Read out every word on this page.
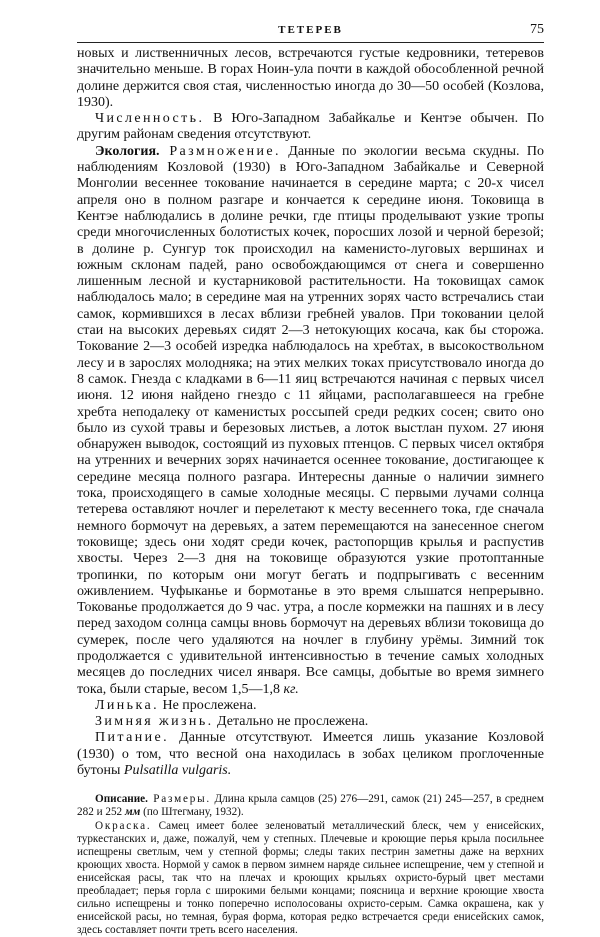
ТЕТЕРЕВ	75

новых и лиственничных лесов, встречаются густые кедровники, тетеревов значительно меньше. В горах Ноин-ула почти в каждой обособленной речной долине держится своя стая, численностью иногда до 30—50 особей (Козлова, 1930).

Численность. В Юго-Западном Забайкалье и Кентэе обычен. По другим районам сведения отсутствуют.

Экология. Размножение. Данные по экологии весьма скудны. По наблюдениям Козловой (1930) в Юго-Западном Забайкалье и Северной Монголии весеннее токование начинается в середине марта; с 20-х чисел апреля оно в полном разгаре и кончается к середине июня. Токовища в Кентэе наблюдались в долине речки, где птицы проделывают узкие тропы среди многочисленных болотистых кочек, поросших лозой и черной березой; в долине р. Сунгур ток происходил на каменисто-луговых вершинах и южным склонам падей, рано освобождающимся от снега и совершенно лишенным лесной и кустарниковой растительности. На токовищах самок наблюдалось мало; в середине мая на утренних зорях часто встречались стаи самок, кормившихся в лесах вблизи гребней увалов. При токовании целой стаи на высоких деревьях сидят 2—3 нетокующих косача, как бы сторожа. Токование 2—3 особей изредка наблюдалось на хребтах, в высокоствольном лесу и в зарослях молодняка; на этих мелких токах присутствовало иногда до 8 самок. Гнезда с кладками в 6—11 яиц встречаются начиная с первых чисел июня. 12 июня найдено гнездо с 11 яйцами, располагавшееся на гребне хребта неподалеку от каменистых россыпей среди редких сосен; свито оно было из сухой травы и березовых листьев, а лоток выстлан пухом. 27 июня обнаружен выводок, состоящий из пуховых птенцов. С первых чисел октября на утренних и вечерних зорях начинается осеннее токование, достигающее к середине месяца полного разгара. Интересны данные о наличии зимнего тока, происходящего в самые холодные месяцы. С первыми лучами солнца тетерева оставляют ночлег и перелетают к месту весеннего тока, где сначала немного бормочут на деревьях, а затем перемещаются на занесенное снегом токовище; здесь они ходят среди кочек, растопорщив крылья и распустив хвосты. Через 2—3 дня на токовище образуются узкие протоптанные тропинки, по которым они могут бегать и подпрыгивать с весенним оживлением. Чуфыканье и бормотанье в это время слышатся непрерывно. Токованье продолжается до 9 час. утра, а после кормежки на пашнях и в лесу перед заходом солнца самцы вновь бормочут на деревьях вблизи токовища до сумерек, после чего удаляются на ночлег в глубину урёмы. Зимний ток продолжается с удивительной интенсивностью в течение самых холодных месяцев до последних чисел января. Все самцы, добытые во время зимнего тока, были старые, весом 1,5—1,8 кг.

Линька. Не прослежена.

Зимняя жизнь. Детально не прослежена.

Питание. Данные отсутствуют. Имеется лишь указание Козловой (1930) о том, что весной она находилась в зобах целиком проглоченные бутоны Pulsatilla vulgaris.

Описание. Размеры. Длина крыла самцов (25) 276—291, самок (21) 245—257, в среднем 282 и 252 мм (по Штегману, 1932).

Окраска. Самец имеет более зеленоватый металлический блеск, чем у енисейских, туркестанских и, даже, пожалуй, чем у степных. Плечевые и кроющие перья крыла посильнее испещрены светлым, чем у степной формы; следы таких пестрин заметны даже на верхних кроющих хвоста. Нормой у самок в первом зимнем наряде сильнее испещрение, чем у степной и енисейская расы, так что на плечах и кроющих крыльях охристо-бурый цвет местами преобладает; перья горла с широкими белыми концами; поясница и верхние кроющие хвоста сильно испещрены и тонко поперечно исполосованы охристо-серым. Самка окрашена, как у енисейской расы, но темная, бурая форма, которая редко встречается среди енисейских самок, здесь составляет почти треть всего населения.
